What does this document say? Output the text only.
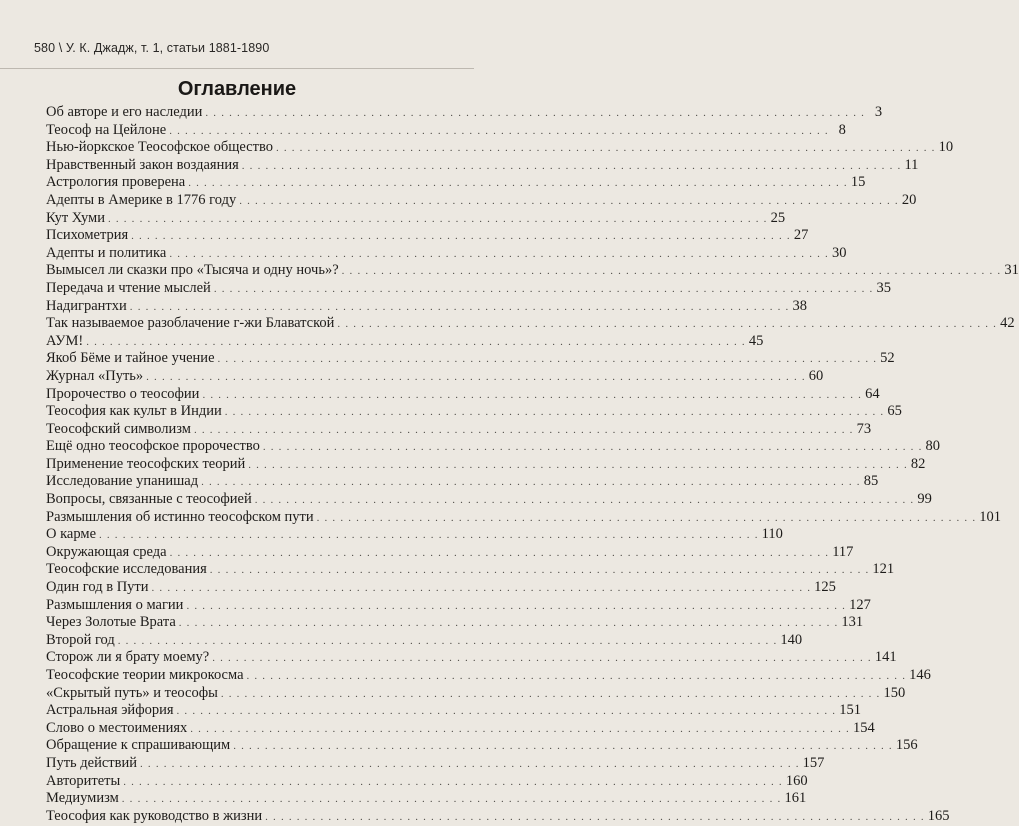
580 \ У. К. Джадж, т. 1, статьи 1881-1890
Оглавление
Об авторе и его наследии . . .	3
Теософ на Цейлоне . . .	8
Нью-йоркское Теософское общество . . .	10
Нравственный закон воздаяния . . .	11
Астрология проверена . . .	15
Адепты в Америке в 1776 году . . .	20
Кут Хуми . . .	25
Психометрия . . .	27
Адепты и политика . . .	30
Вымысел ли сказки про «Тысяча и одну ночь»? . . .	31
Передача и чтение мыслей . . .	35
Надигрантхи . . .	38
Так называемое разоблачение г-жи Блаватской . . .	42
АУМ! . . .	45
Якоб Бёме и тайное учение . . .	52
Журнал «Путь» . . .	60
Пророчество о теософии . . .	64
Теософия как культ в Индии . . .	65
Теософский символизм . . .	73
Ещё одно теософское пророчество . . .	80
Применение теософских теорий . . .	82
Исследование упанишад . . .	85
Вопросы, связанные с теософией . . .	99
Размышления об истинно теософском пути . . .	101
О карме . . .	110
Окружающая среда . . .	117
Теософские исследования . . .	121
Один год в Пути . . .	125
Размышления о магии . . .	127
Через Золотые Врата . . .	131
Второй год . . .	140
Сторож ли я брату моему? . . .	141
Теософские теории микрокосма . . .	146
«Скрытый путь» и теософы . . .	150
Астральная эйфория . . .	151
Слово о местоимениях . . .	154
Обращение к спрашивающим . . .	156
Путь действий . . .	157
Авторитеты . . .	160
Медиумизм . . .	161
Теософия как руководство в жизни . . .	165
